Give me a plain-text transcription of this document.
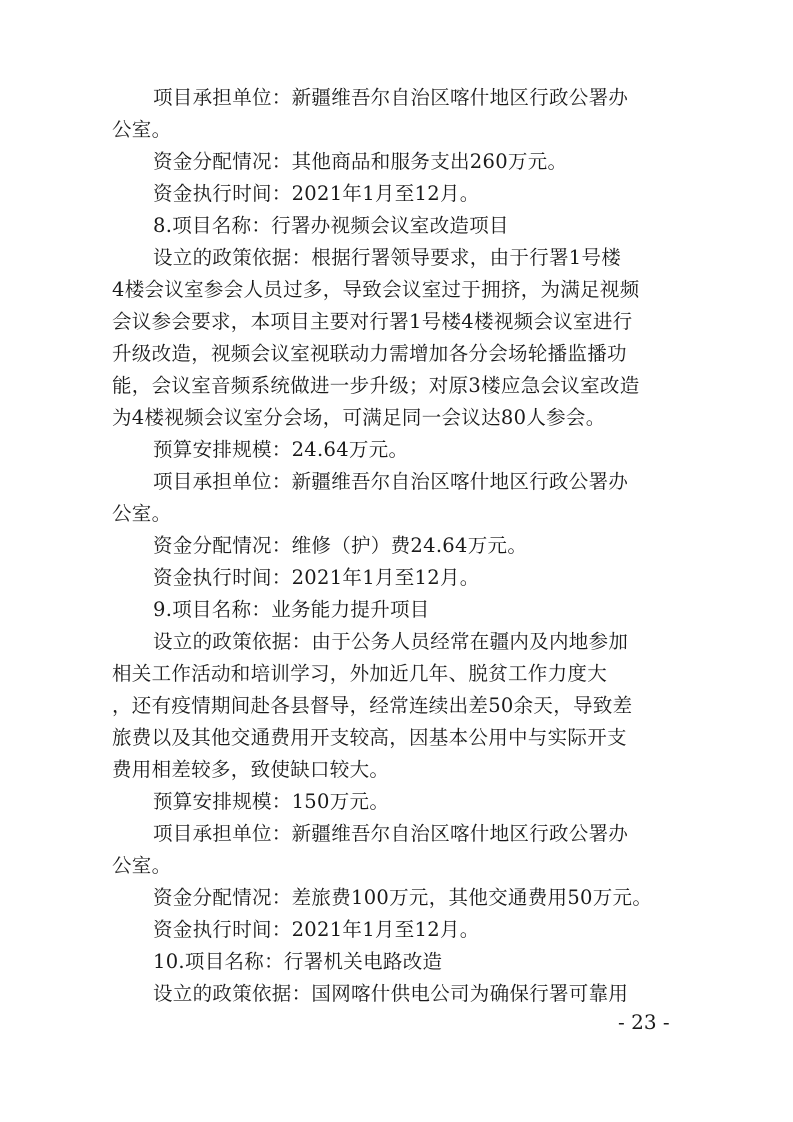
项目承担单位：新疆维吾尔自治区喀什地区行政公署办
公室。
资金分配情况：其他商品和服务支出260万元。
资金执行时间：2021年1月至12月。
8.项目名称：行署办视频会议室改造项目
设立的政策依据：根据行署领导要求，由于行署1号楼
4楼会议室参会人员过多，导致会议室过于拥挤，为满足视频
会议参会要求，本项目主要对行署1号楼4楼视频会议室进行
升级改造，视频会议室视联动力需增加各分会场轮播监播功
能，会议室音频系统做进一步升级；对原3楼应急会议室改造
为4楼视频会议室分会场，可满足同一会议达80人参会。
预算安排规模：24.64万元。
项目承担单位：新疆维吾尔自治区喀什地区行政公署办
公室。
资金分配情况：维修（护）费24.64万元。
资金执行时间：2021年1月至12月。
9.项目名称：业务能力提升项目
设立的政策依据：由于公务人员经常在疆内及内地参加
相关工作活动和培训学习，外加近几年、脱贫工作力度大
，还有疫情期间赴各县督导，经常连续出差50余天，导致差
旅费以及其他交通费用开支较高，因基本公用中与实际开支
费用相差较多，致使缺口较大。
预算安排规模：150万元。
项目承担单位：新疆维吾尔自治区喀什地区行政公署办
公室。
资金分配情况：差旅费100万元，其他交通费用50万元。
资金执行时间：2021年1月至12月。
10.项目名称：行署机关电路改造
设立的政策依据：国网喀什供电公司为确保行署可靠用
- 23 -
